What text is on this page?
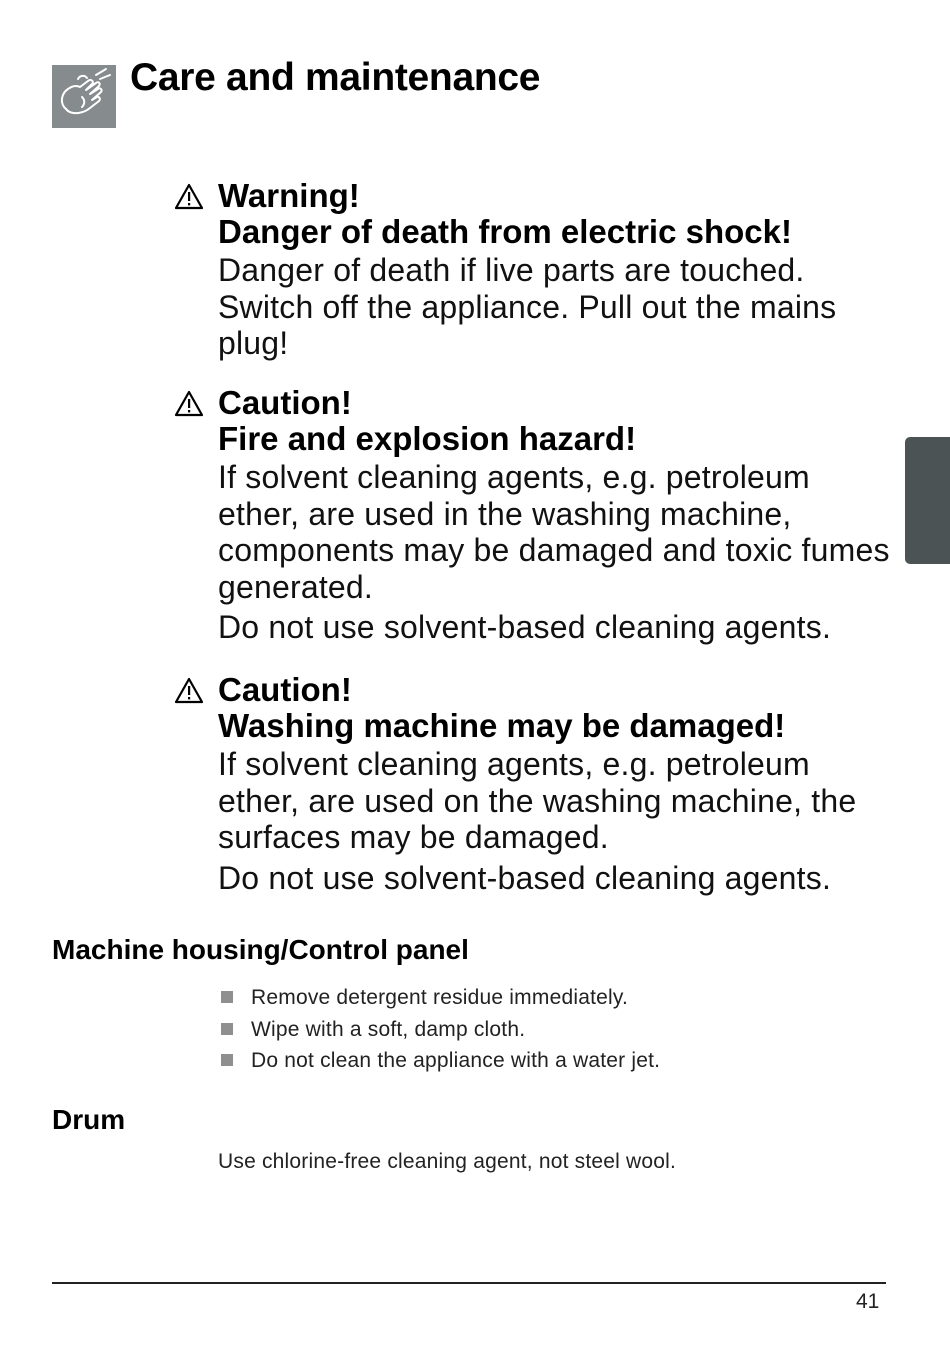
Care and maintenance
Warning!
Danger of death from electric shock!
Danger of death if live parts are touched. Switch off the appliance. Pull out the mains plug!
Caution!
Fire and explosion hazard!
If solvent cleaning agents, e.g. petroleum ether, are used in the washing machine, components may be damaged and toxic fumes generated.
Do not use solvent-based cleaning agents.
Caution!
Washing machine may be damaged!
If solvent cleaning agents, e.g. petroleum ether, are used on the washing machine, the surfaces may be damaged.
Do not use solvent-based cleaning agents.
Machine housing/Control panel
Remove detergent residue immediately.
Wipe with a soft, damp cloth.
Do not clean the appliance with a water jet.
Drum
Use chlorine-free cleaning agent, not steel wool.
41
